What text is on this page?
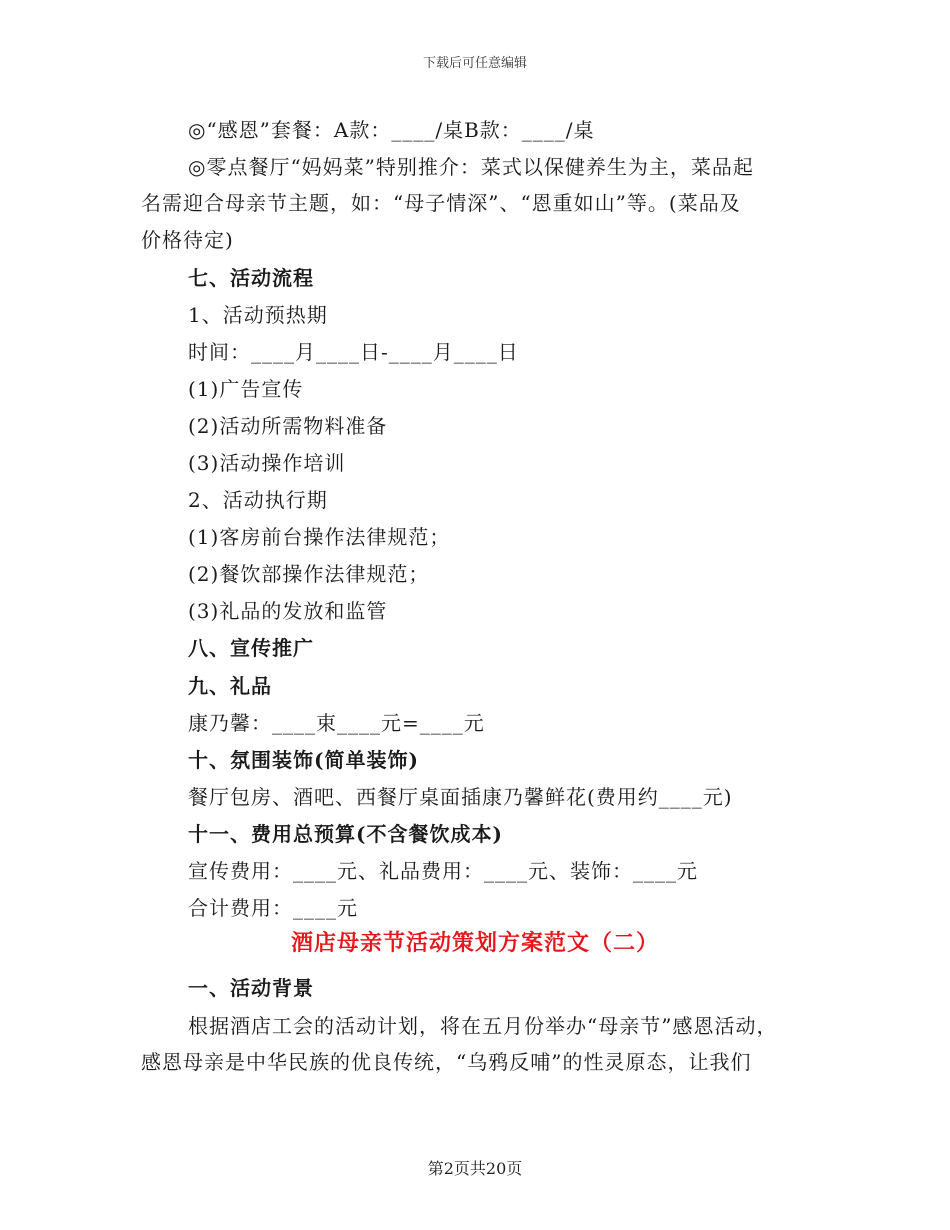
下载后可任意编辑
◎“感恩”套餐：A款：____/桌B款：____/桌
◎零点餐厅“妈妈菜”特别推介：菜式以保健养生为主，菜品起
名需迎合母亲节主题，如：“母子情深”、“恩重如山”等。(菜品及
价格待定)
七、活动流程
1、活动预热期
时间：____月____日-____月____日
(1)广告宣传
(2)活动所需物料准备
(3)活动操作培训
2、活动执行期
(1)客房前台操作法律规范；
(2)餐饮部操作法律规范；
(3)礼品的发放和监管
八、宣传推广
九、礼品
康乃馨：____束____元=____元
十、氛围装饰(简单装饰)
餐厅包房、酒吧、西餐厅桌面插康乃馨鲜花(费用约____元)
十一、费用总预算(不含餐饮成本)
宣传费用：____元、礼品费用：____元、装饰：____元
合计费用：____元
酒店母亲节活动策划方案范文（二）
一、活动背景
根据酒店工会的活动计划，将在五月份举办“母亲节”感恩活动，
感恩母亲是中华民族的优良传统，“乌鸦反哺”的性灵原态，让我们
第2页共20页
